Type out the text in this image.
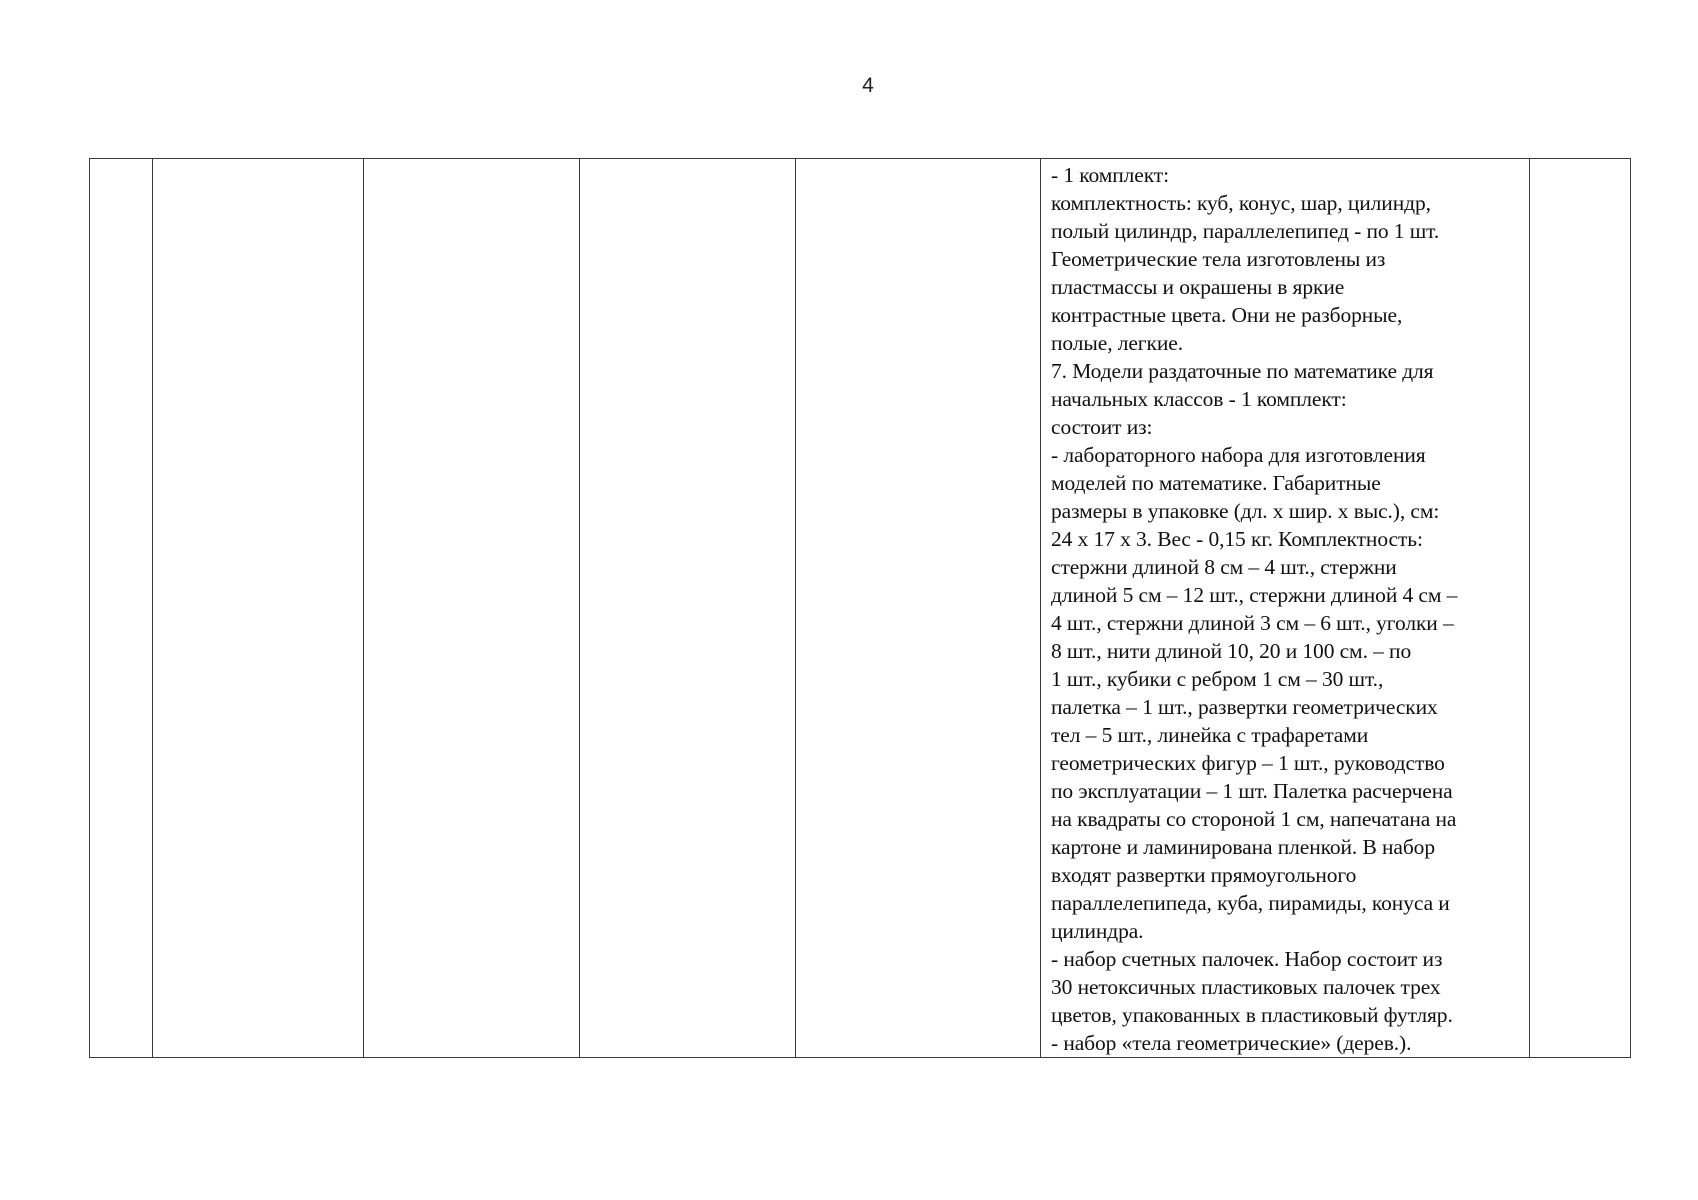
4

- 1 комплект:
комплектность: куб, конус, шар, цилиндр,
полый цилиндр, параллелепипед - по 1 шт.
Геометрические тела изготовлены из
пластмассы и окрашены в яркие
контрастные цвета. Они не разборные,
полые, легкие.
7. Модели раздаточные по математике для
начальных классов - 1 комплект:
состоит из:
- лабораторного набора для изготовления
моделей по математике. Габаритные
размеры в упаковке (дл. х шир. х выс.), см:
24 х 17 х 3. Вес - 0,15 кг. Комплектность:
стержни длиной 8 см – 4 шт., стержни
длиной 5 см – 12 шт., стержни длиной 4 см –
4 шт., стержни длиной 3 см – 6 шт., уголки –
8 шт., нити длиной 10, 20 и 100 см. – по
1 шт., кубики с ребром 1 см – 30 шт.,
палетка – 1 шт., развертки геометрических
тел – 5 шт., линейка с трафаретами
геометрических фигур – 1 шт., руководство
по эксплуатации – 1 шт. Палетка расчерчена
на квадраты со стороной 1 см, напечатана на
картоне и ламинирована пленкой. В набор
входят развертки прямоугольного
параллелепипеда, куба, пирамиды, конуса и
цилиндра.
- набор счетных палочек. Набор состоит из
30 нетоксичных пластиковых палочек трех
цветов, упакованных в пластиковый футляр.
- набор «тела геометрические» (дерев.).
